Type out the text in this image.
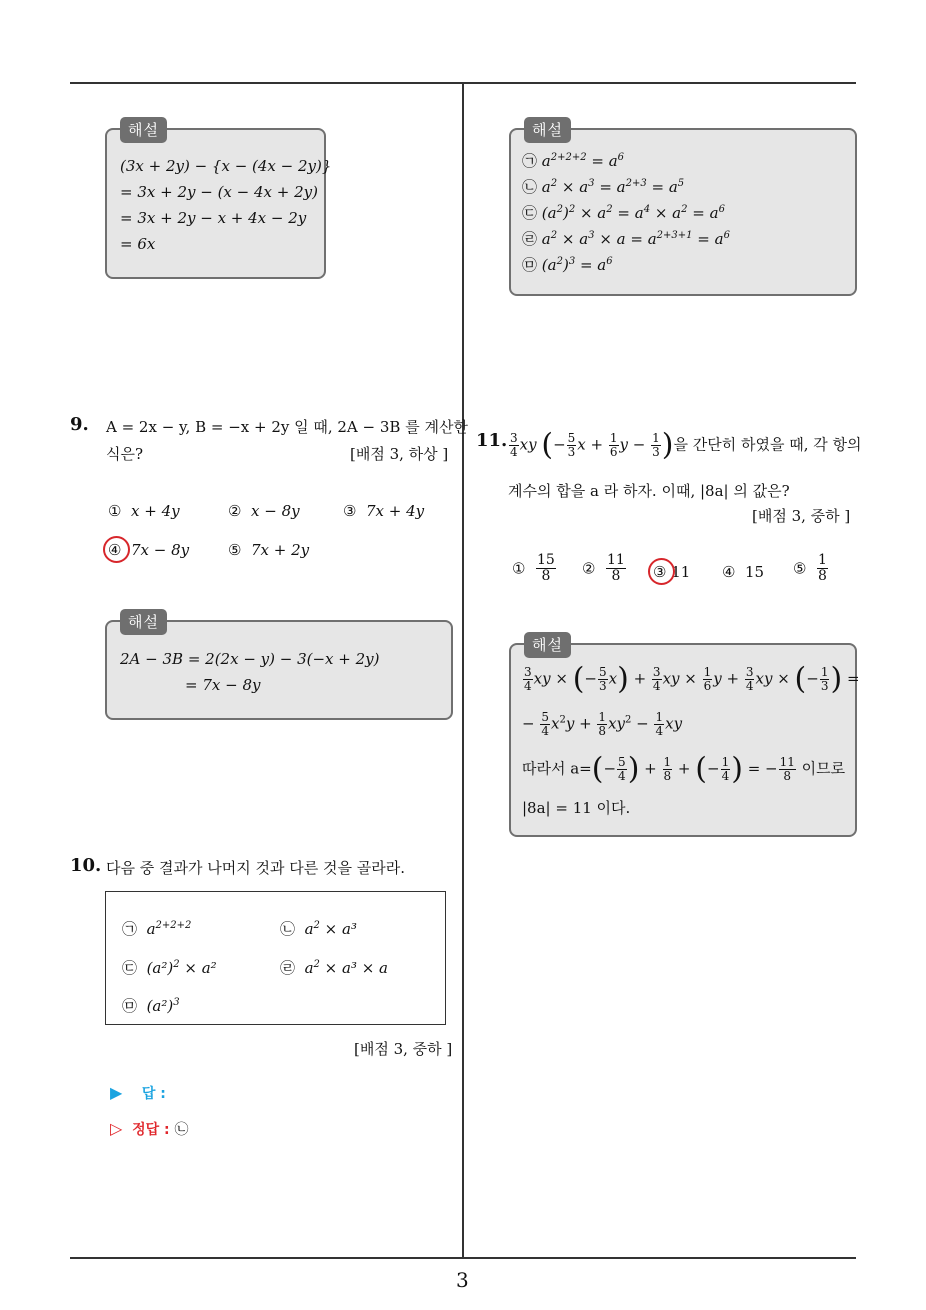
해설
(3x + 2y) − {x − (4x − 2y)}
= 3x + 2y − (x − 4x + 2y)
= 3x + 2y − x + 4x − 2y
= 6x
9. A = 2x − y, B = −x + 2y 일 때, 2A − 3B 를 계산한
식은?	[배점 3, 하상 ]
① x + 4y	② x − 8y	③ 7x + 4y
④ 7x − 8y	⑤ 7x + 2y
해설
2A − 3B = 2(2x − y) − 3(−x + 2y)
= 7x − 8y
10. 다음 중 결과가 나머지 것과 다른 것을 골라라.
㉠ $a^{2+2+2}$	㉡ $a^2 \times a^3$
㉢ $(a^2)^2 \times a^2$	㉣ $a^2 \times a^3 \times a$
㉤ $(a^2)^3$
[배점 3, 중하 ]
▶ 답 :
▷ 정답 : ㉡
해설
㉠ $a^{2+2+2} = a^6$
㉡ $a^2 \times a^3 = a^{2+3} = a^5$
㉢ $(a^2)^2 \times a^2 = a^4 \times a^2 = a^6$
㉣ $a^2 \times a^3 \times a = a^{2+3+1} = a^6$
㉤ $(a^2)^3 = a^6$
11. $\frac{3}{4}$ xy (− $\frac{5}{3}$ $x + \frac{1}{6}$ $y - \frac{1}{3}$ )을 간단히 하였을 때, 각 항의
계수의 합을 a 라 하자. 이때, |8a| 의 값은?
[배점 3, 중하 ]
① $\frac{15}{8}$ ② $\frac{11}{8}$ ③ 11 ④ 15 ⑤ $\frac{1}{8}$
해설
$\frac{3}{4}$ xy × (− $\frac{5}{3} x) + \frac{3}{4}$ xy × $\frac{1}{6}$ $y + \frac{3}{4}$ xy × (− $\frac{1}{3}$ ) =
− $\frac{5}{4} x^2y + \frac{1}{8} xy^2 - \frac{1}{4}$ xy
따라서 $a=(- \frac{5}{4}$ ) + $\frac{1}{8}$ + (− $\frac{1}{4}$ ) = − $\frac{11}{8}$ 이므로
|8a| = 11 이다.
3
